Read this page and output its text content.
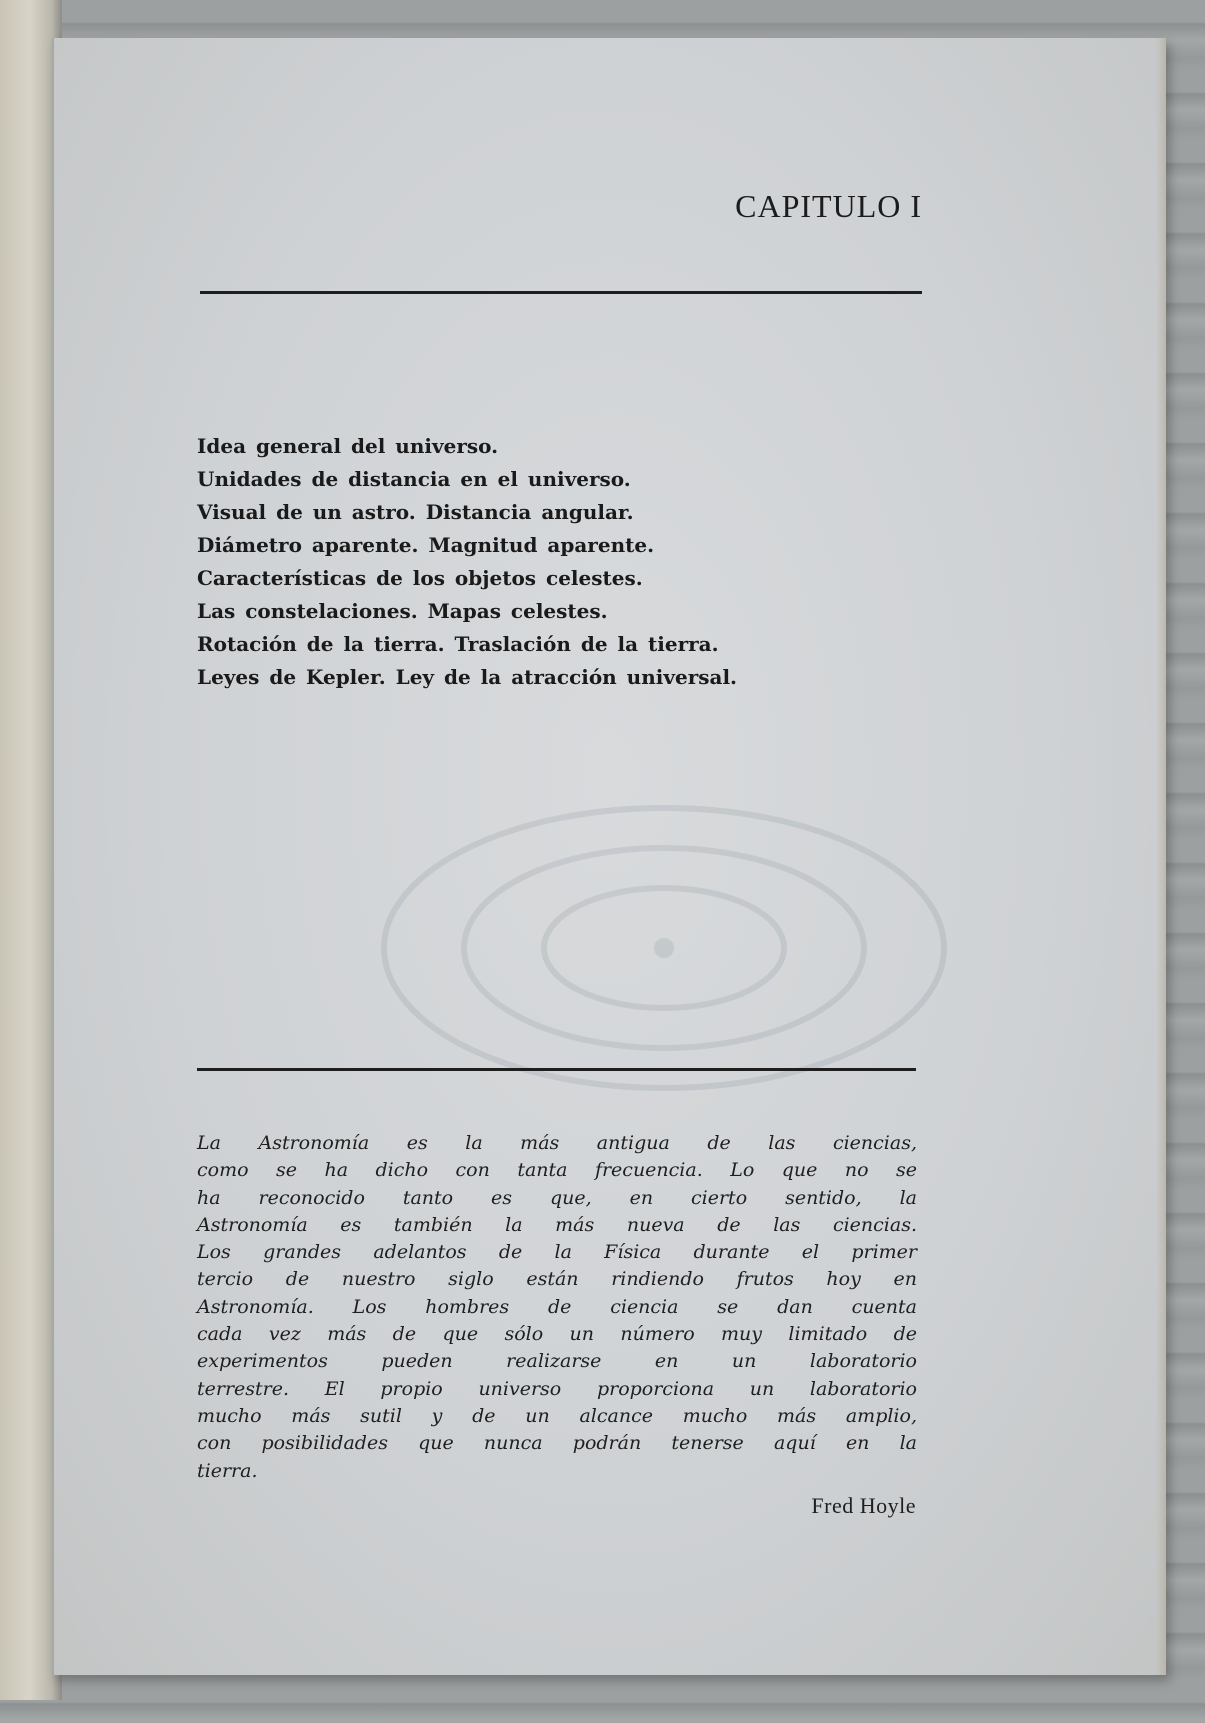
CAPITULO I
Idea general del universo.
Unidades de distancia en el universo.
Visual de un astro. Distancia angular.
Diámetro aparente. Magnitud aparente.
Características de los objetos celestes.
Las constelaciones. Mapas celestes.
Rotación de la tierra. Traslación de la tierra.
Leyes de Kepler. Ley de la atracción universal.
La Astronomía es la más antigua de las ciencias,
como se ha dicho con tanta frecuencia. Lo que no se
ha reconocido tanto es que, en cierto sentido, la
Astronomía es también la más nueva de las ciencias.
Los grandes adelantos de la Física durante el primer
tercio de nuestro siglo están rindiendo frutos hoy en
Astronomía. Los hombres de ciencia se dan cuenta
cada vez más de que sólo un número muy limitado de
experimentos pueden realizarse en un laboratorio
terrestre. El propio universo proporciona un laboratorio
mucho más sutil y de un alcance mucho más amplio,
con posibilidades que nunca podrán tenerse aquí en la
tierra.
Fred Hoyle
